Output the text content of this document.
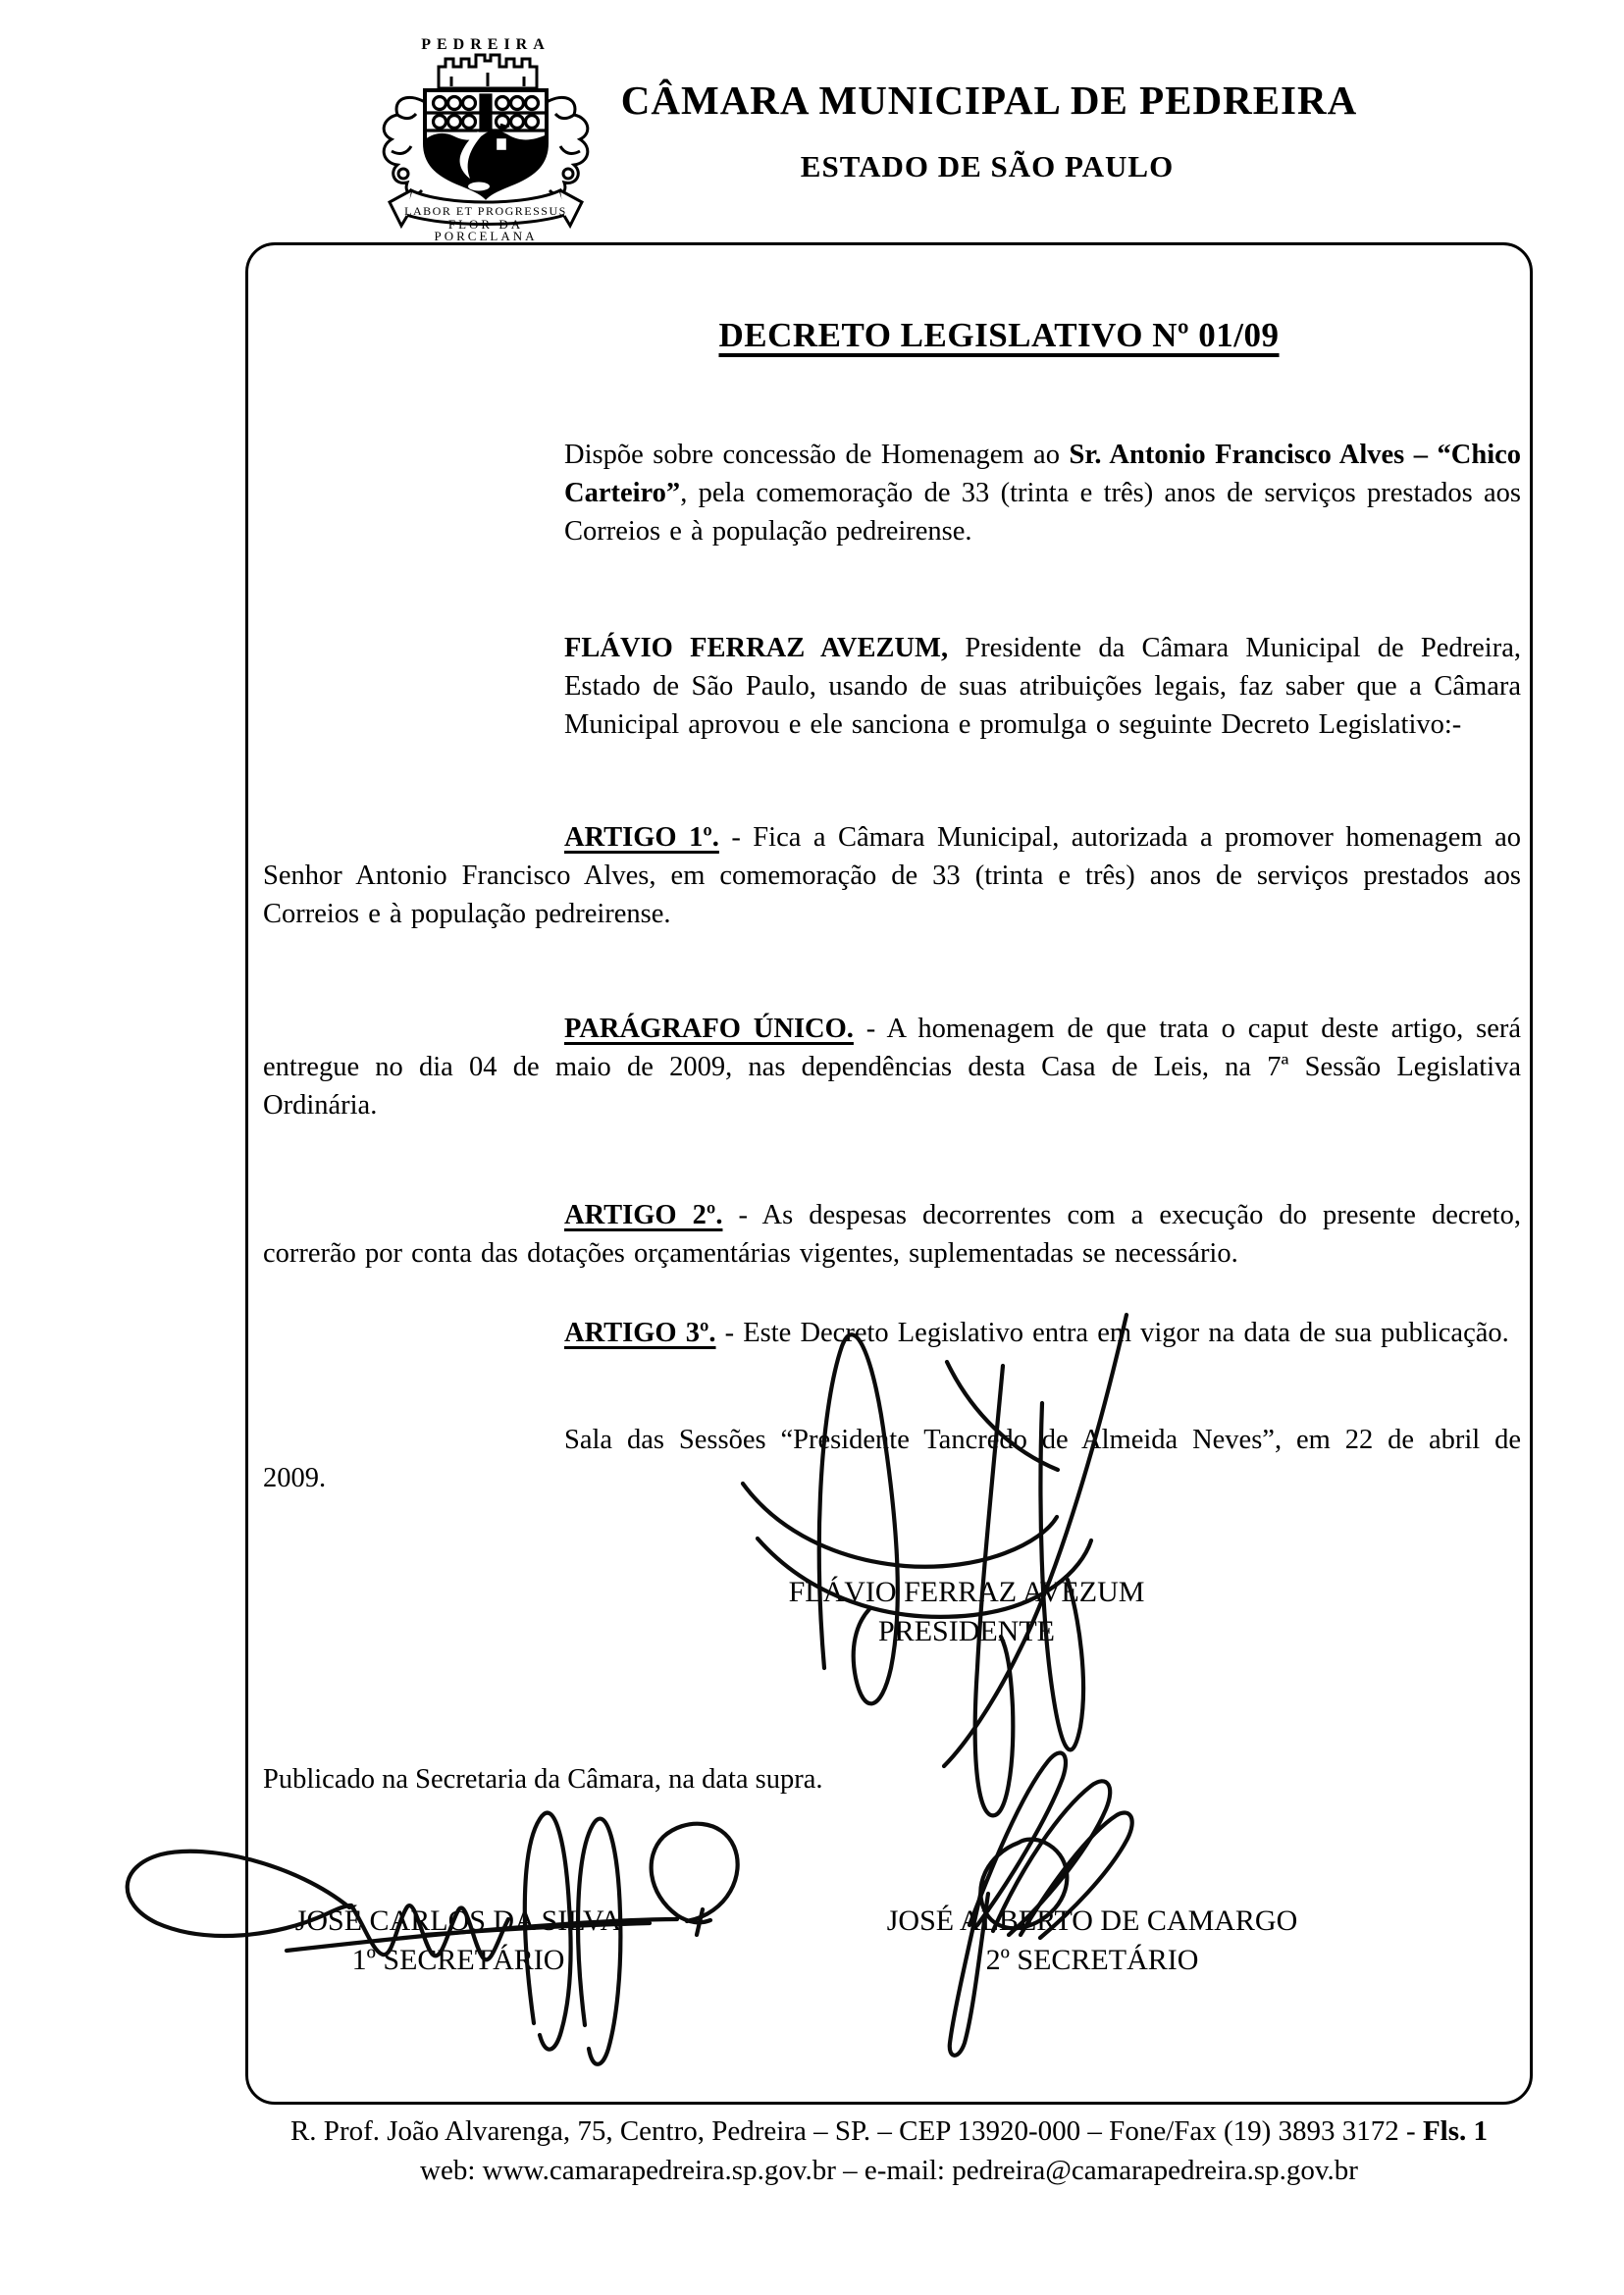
PEDREIRA
LABOR ET PROGRESSUS
FLOR DA
PORCELANA
CÂMARA MUNICIPAL DE PEDREIRA
ESTADO DE SÃO PAULO
DECRETO LEGISLATIVO Nº 01/09

Dispõe sobre concessão de Homenagem ao Sr. Antonio Francisco Alves – “Chico Carteiro”, pela comemoração de 33 (trinta e três) anos de serviços prestados aos Correios e à população pedreirense.

FLÁVIO FERRAZ AVEZUM, Presidente da Câmara Municipal de Pedreira, Estado de São Paulo, usando de suas atribuições legais, faz saber que a Câmara Municipal aprovou e ele sanciona e promulga o seguinte Decreto Legislativo:-

ARTIGO 1º. - Fica a Câmara Municipal, autorizada a promover homenagem ao Senhor Antonio Francisco Alves, em comemoração de 33 (trinta e três) anos de serviços prestados aos Correios e à população pedreirense.

PARÁGRAFO ÚNICO. - A homenagem de que trata o caput deste artigo, será entregue no dia 04 de maio de 2009, nas dependências desta Casa de Leis, na 7ª Sessão Legislativa Ordinária.

ARTIGO 2º. - As despesas decorrentes com a execução do presente decreto, correrão por conta das dotações orçamentárias vigentes, suplementadas se necessário.

ARTIGO 3º. - Este Decreto Legislativo entra em vigor na data de sua publicação.

Sala das Sessões “Presidente Tancredo de Almeida Neves”, em 22 de abril de 2009.

FLÁVIO FERRAZ AVEZUM
PRESIDENTE
Publicado na Secretaria da Câmara, na data supra.
JOSÉ CARLOS DA SILVA
1º SECRETÁRIO
JOSÉ ALBERTO DE CAMARGO
2º SECRETÁRIO
R. Prof. João Alvarenga, 75, Centro, Pedreira – SP. – CEP 13920-000 – Fone/Fax (19) 3893 3172 - Fls. 1
web: www.camarapedreira.sp.gov.br – e-mail: pedreira@camarapedreira.sp.gov.br
